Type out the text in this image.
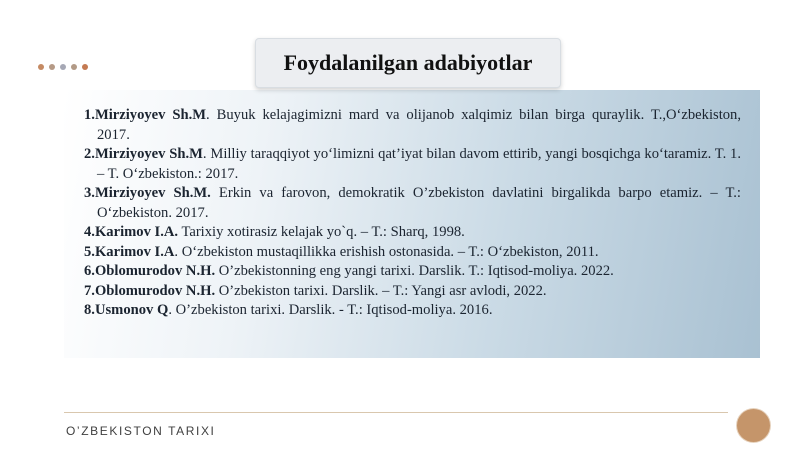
Foydalanilgan adabiyotlar
1.Mirziyoyev Sh.M. Buyuk kelajagimizni mard va olijanob xalqimiz bilan birga quraylik. T.,O‘zbekiston, 2017.
2.Mirziyoyev Sh.M. Milliy taraqqiyot yo‘limizni qat’iyat bilan davom ettirib, yangi bosqichga ko‘taramiz. T. 1. – T. O‘zbekiston.: 2017.
3.Mirziyoyev Sh.M. Erkin va farovon, demokratik O’zbekiston davlatini birgalikda barpo etamiz. – T.: O‘zbekiston. 2017.
4.Karimov I.A. Tarixiy xotirasiz kelajak yo`q. – T.: Sharq, 1998.
5.Karimov I.A. O‘zbekiston mustaqillikka erishish ostonasida. – T.: O‘zbekiston, 2011.
6.Oblomurodov N.H. O’zbekistonning eng yangi tarixi. Darslik. T.: Iqtisod-moliya. 2022.
7.Oblomurodov N.H. O’zbekiston tarixi. Darslik. – T.: Yangi asr avlodi, 2022.
8.Usmonov Q. O’zbekiston tarixi. Darslik. - T.: Iqtisod-moliya. 2016.
O’ZBEKISTON TARIXI
